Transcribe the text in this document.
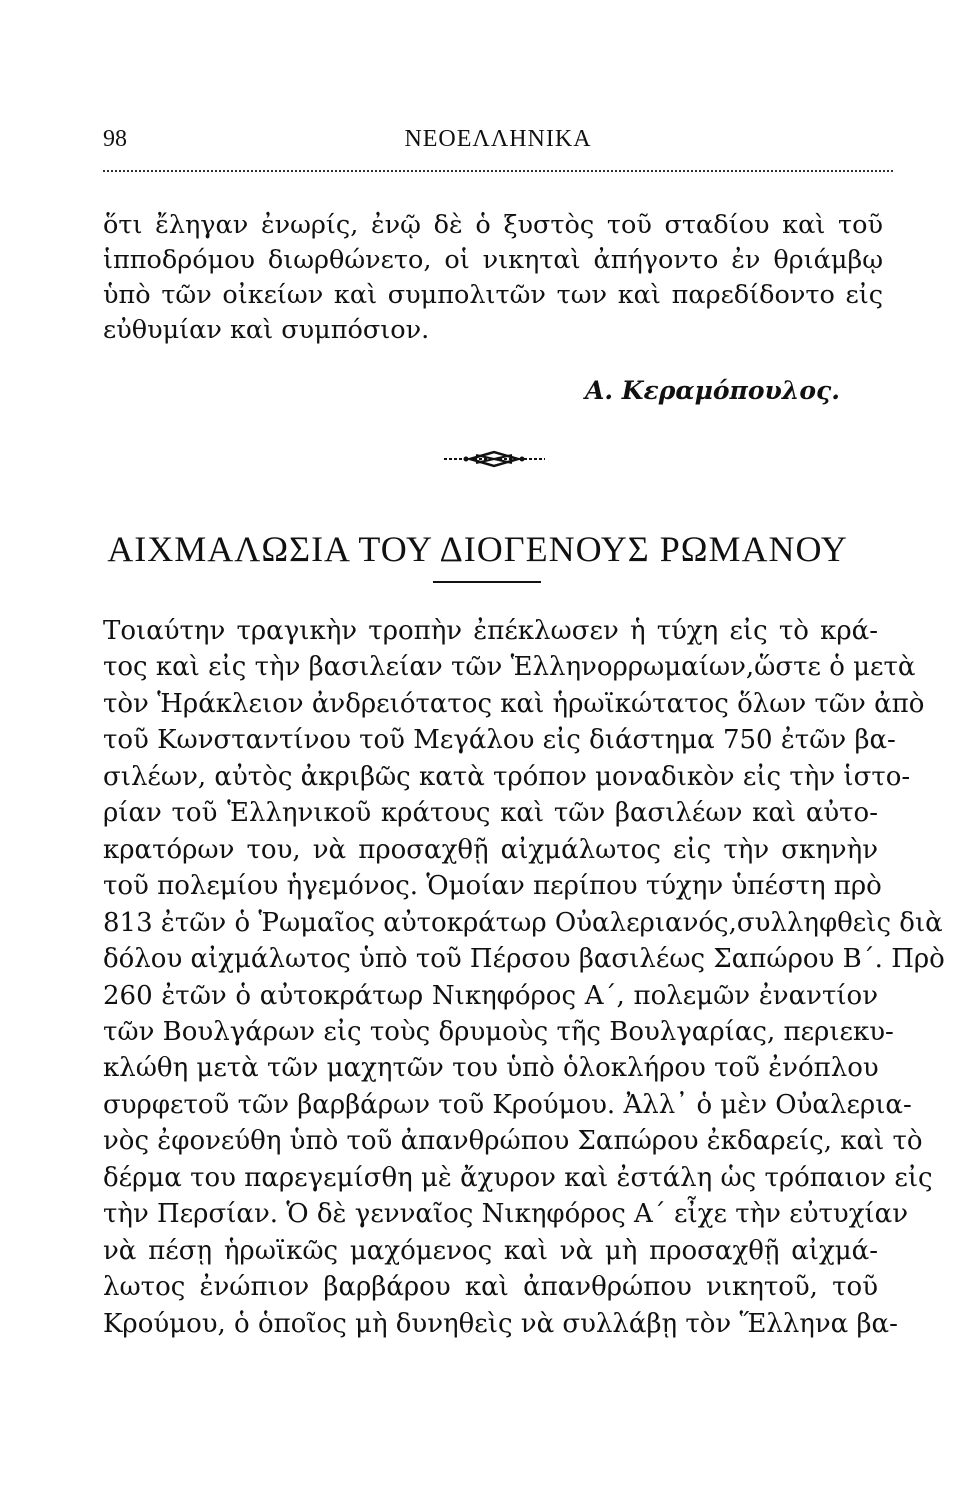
98	ΝΕΟΕΛΛΗΝΙΚΑ

ὅτι ἔληγαν ἐνωρίς, ἐνῷ δὲ ὁ ξυστὸς τοῦ σταδίου καὶ τοῦ
ἱπποδρόμου διωρθώνετο, οἱ νικηταὶ ἀπήγοντο ἐν θριάμβῳ
ὑπὸ τῶν οἰκείων καὶ συμπολιτῶν των καὶ παρεδίδοντο εἰς
εὐθυμίαν καὶ συμπόσιον.

Α. Κεραμόπουλος.
ΑΙΧΜΑΛΩΣΙΑ ΤΟΥ ΔΙΟΓΕΝΟΥΣ ΡΩΜΑΝΟΥ

Τοιαύτην τραγικὴν τροπὴν ἐπέκλωσεν ἡ τύχη εἰς τὸ κρά-
τος καὶ εἰς τὴν βασιλείαν τῶν Ἑλληνορρωμαίων,ὥστε ὁ μετὰ
τὸν Ἡράκλειον ἀνδρειότατος καὶ ἡρωϊκώτατος ὅλων τῶν ἀπὸ
τοῦ Κωνσταντίνου τοῦ Μεγάλου εἰς διάστημα 750 ἐτῶν βα-
σιλέων, αὐτὸς ἀκριβῶς κατὰ τρόπον μοναδικὸν εἰς τὴν ἱστο-
ρίαν τοῦ Ἑλληνικοῦ κράτους καὶ τῶν βασιλέων καὶ αὐτο-
κρατόρων του, νὰ προσαχθῇ αἰχμάλωτος εἰς τὴν σκηνὴν
τοῦ πολεμίου ἡγεμόνος. Ὁμοίαν περίπου τύχην ὑπέστη πρὸ
813 ἐτῶν ὁ Ῥωμαῖος αὐτοκράτωρ Οὐαλεριανός,συλληφθεὶς διὰ
δόλου αἰχμάλωτος ὑπὸ τοῦ Πέρσου βασιλέως Σαπώρου Β΄. Πρὸ
260 ἐτῶν ὁ αὐτοκράτωρ Νικηφόρος Α΄, πολεμῶν ἐναντίον
τῶν Βουλγάρων εἰς τοὺς δρυμοὺς τῆς Βουλγαρίας, περιεκυ-
κλώθη μετὰ τῶν μαχητῶν του ὑπὸ ὁλοκλήρου τοῦ ἐνόπλου
συρφετοῦ τῶν βαρβάρων τοῦ Κρούμου. Ἀλλ᾽ ὁ μὲν Οὐαλερια-
νὸς ἐφονεύθη ὑπὸ τοῦ ἀπανθρώπου Σαπώρου ἐκδαρείς, καὶ τὸ
δέρμα του παρεγεμίσθη μὲ ἄχυρον καὶ ἐστάλη ὡς τρόπαιον εἰς
τὴν Περσίαν. Ὁ δὲ γενναῖος Νικηφόρος Α΄ εἶχε τὴν εὐτυχίαν
νὰ πέσῃ ἡρωϊκῶς μαχόμενος καὶ νὰ μὴ προσαχθῇ αἰχμά-
λωτος ἐνώπιον βαρβάρου καὶ ἀπανθρώπου νικητοῦ, τοῦ
Κρούμου, ὁ ὁποῖος μὴ δυνηθεὶς νὰ συλλάβῃ τὸν Ἕλληνα βα-
